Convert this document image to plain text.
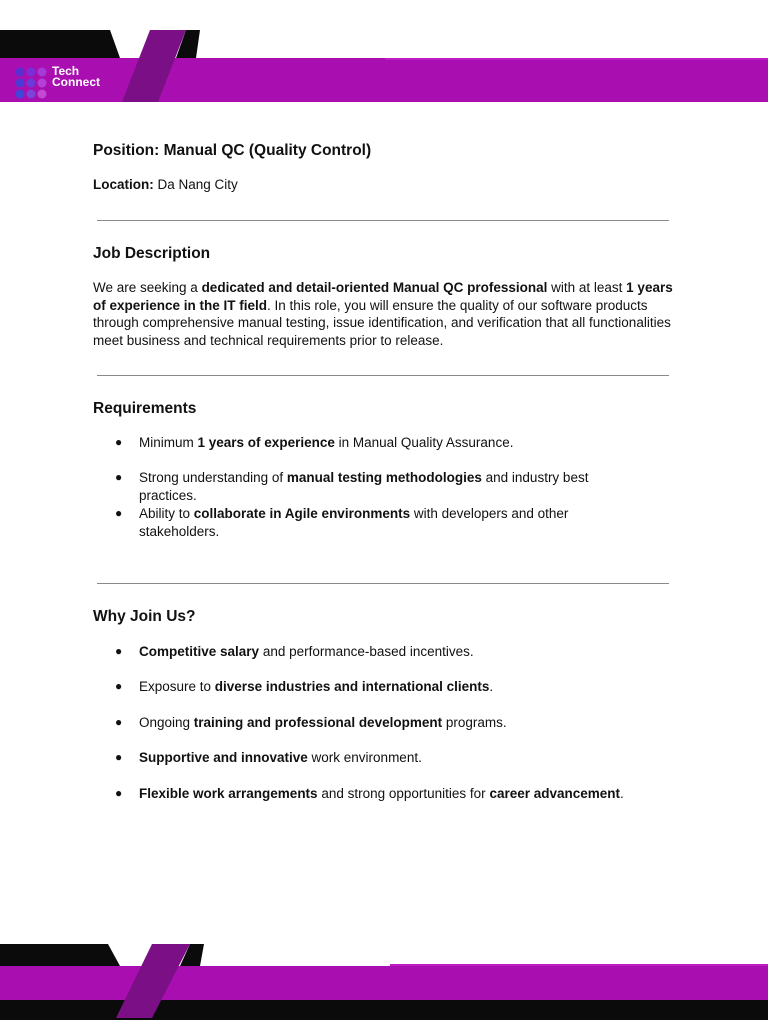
Tech
Connect
Position: Manual QC (Quality Control)
Location: Da Nang City
Job Description
We are seeking a dedicated and detail-oriented Manual QC professional with at least 1 years of experience in the IT field. In this role, you will ensure the quality of our software products through comprehensive manual testing, issue identification, and verification that all functionalities meet business and technical requirements prior to release.
Requirements
● Minimum 1 years of experience in Manual Quality Assurance.
● Strong understanding of manual testing methodologies and industry best practices.
● Ability to collaborate in Agile environments with developers and other stakeholders.
Why Join Us?
● Competitive salary and performance-based incentives.
● Exposure to diverse industries and international clients.
● Ongoing training and professional development programs.
● Supportive and innovative work environment.
● Flexible work arrangements and strong opportunities for career advancement.
